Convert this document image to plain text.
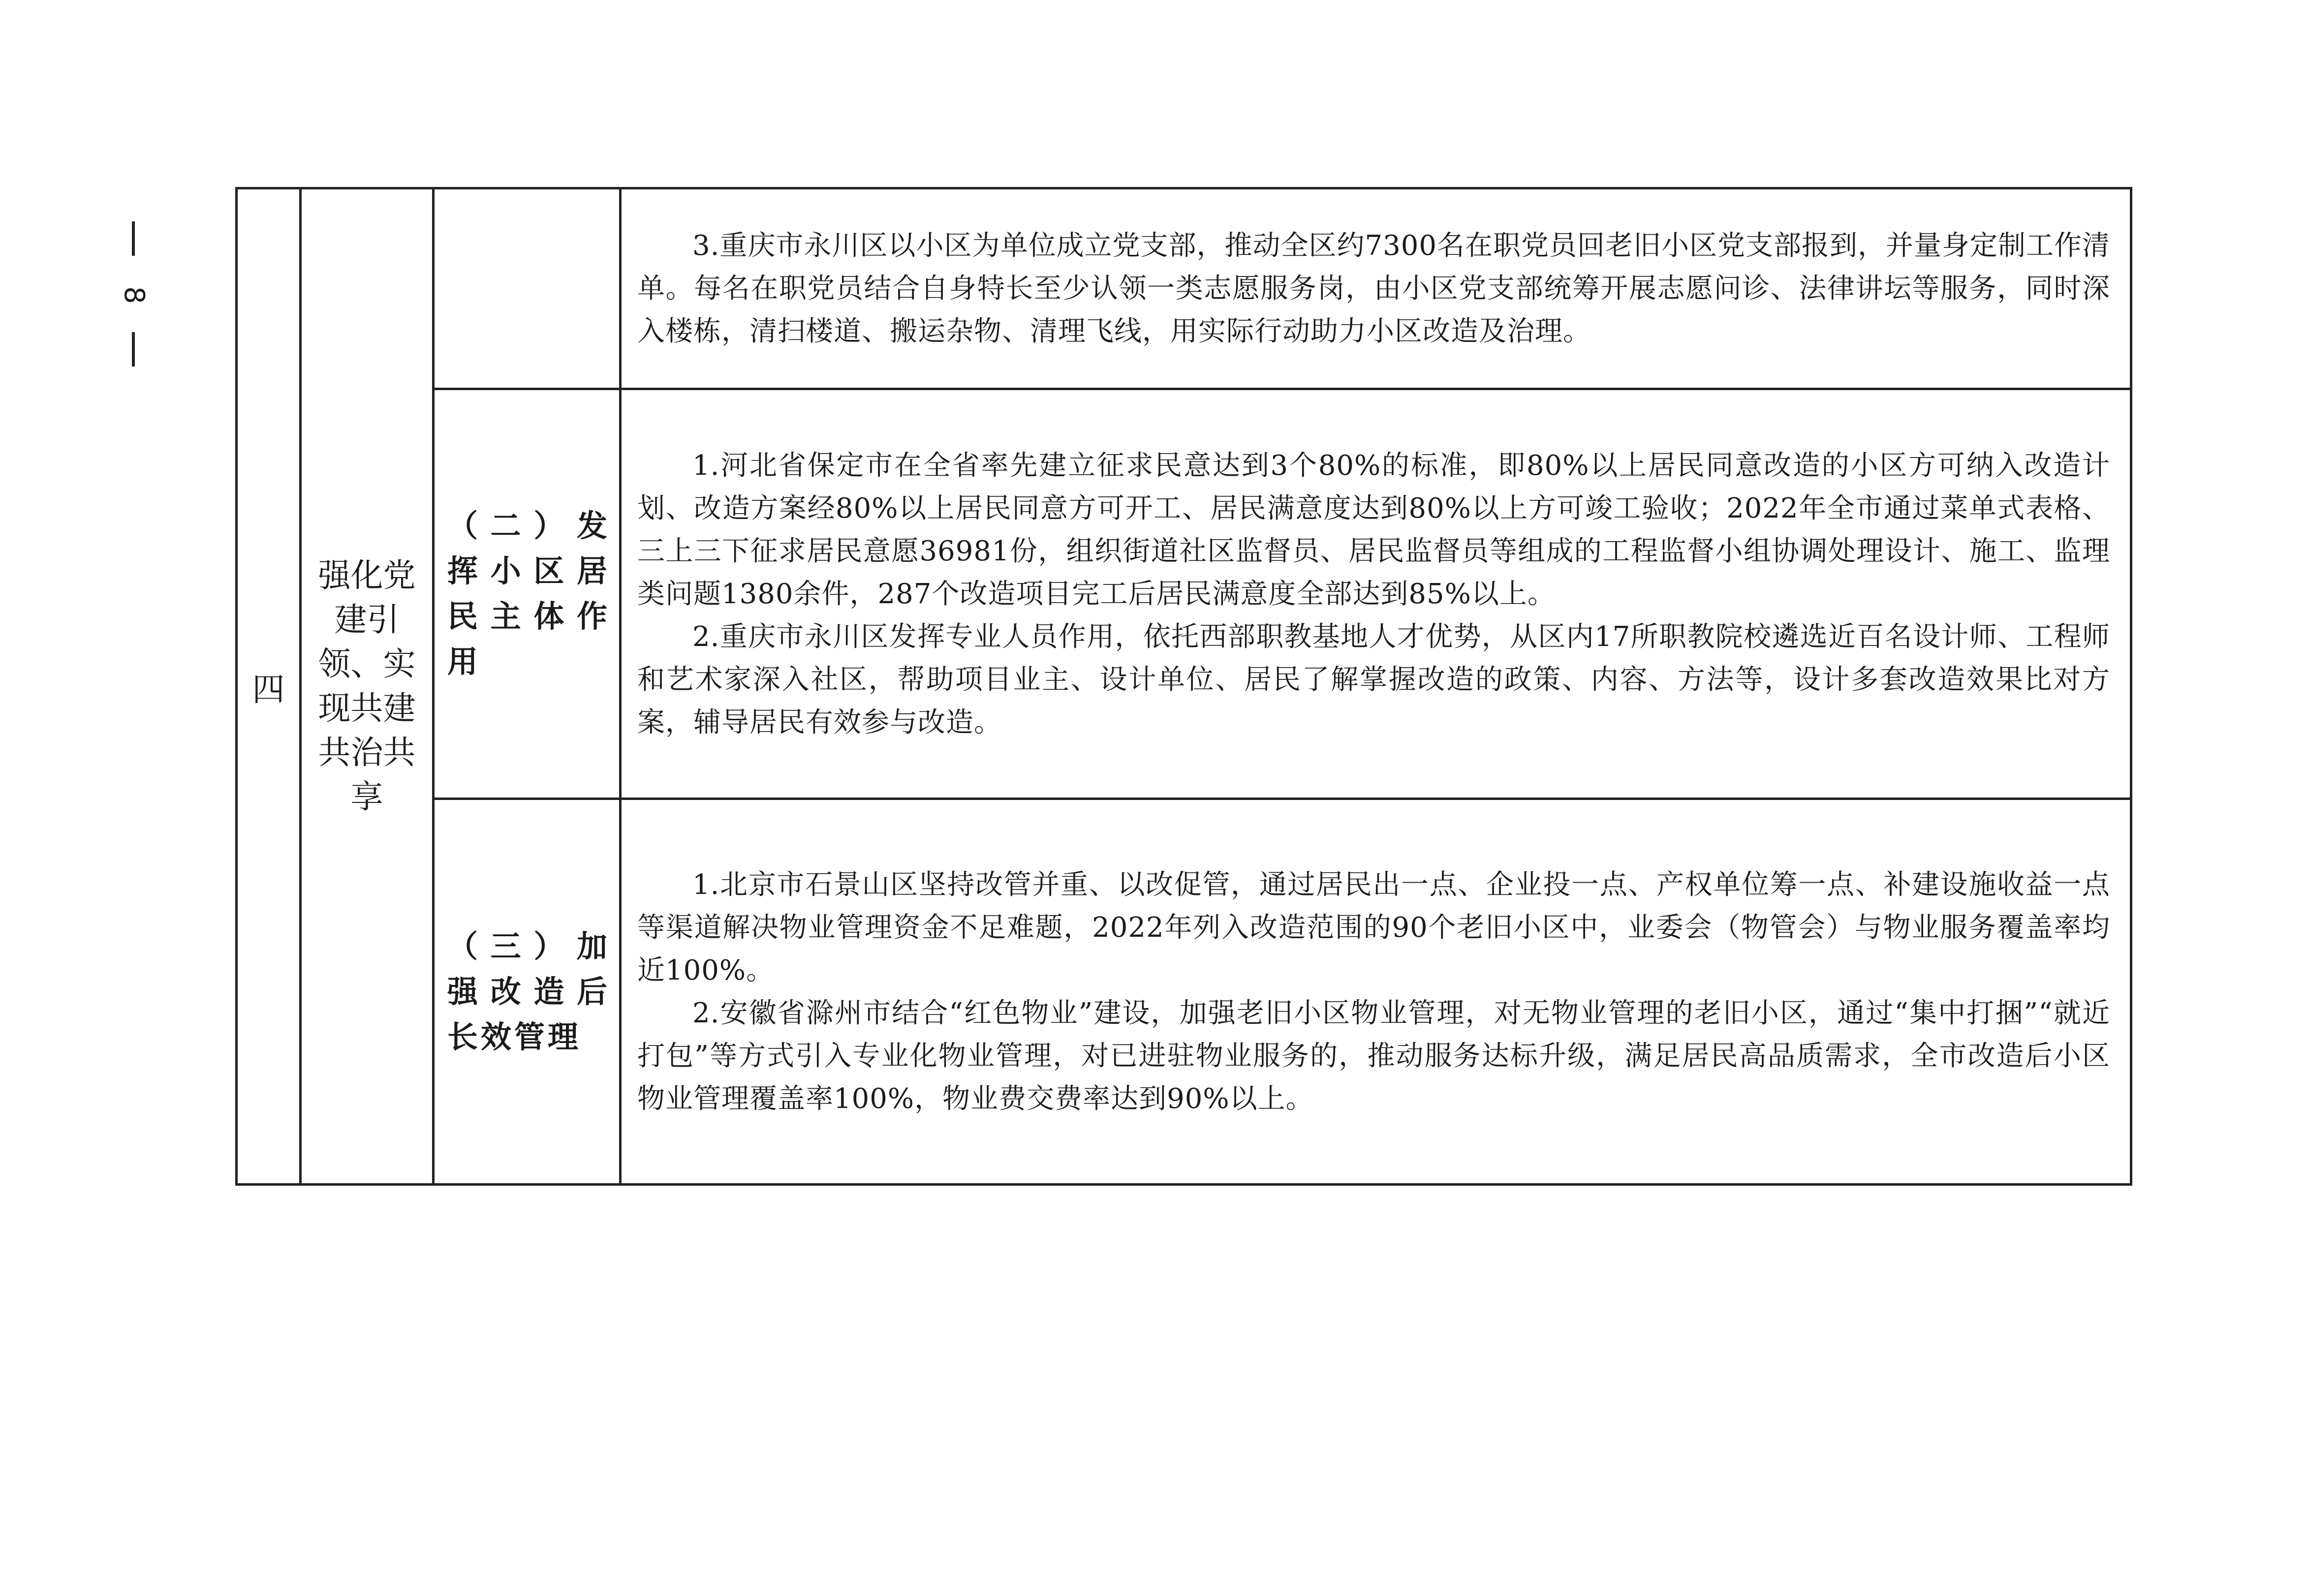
8
四	强化党建引领、实现共建共治共享		3.重庆市永川区以小区为单位成立党支部，推动全区约7300名在职党员回老旧小区党支部报到，并量身定制工作清单。每名在职党员结合自身特长至少认领一类志愿服务岗，由小区党支部统筹开展志愿问诊、法律讲坛等服务，同时深入楼栋，清扫楼道、搬运杂物、清理飞线，用实际行动助力小区改造及治理。

		（二）发挥小区居民主体作用	1.河北省保定市在全省率先建立征求民意达到3个80%的标准，即80%以上居民同意改造的小区方可纳入改造计划、改造方案经80%以上居民同意方可开工、居民满意度达到80%以上方可竣工验收；2022年全市通过菜单式表格、三上三下征求居民意愿36981份，组织街道社区监督员、居民监督员等组成的工程监督小组协调处理设计、施工、监理类问题1380余件，287个改造项目完工后居民满意度全部达到85%以上。

2.重庆市永川区发挥专业人员作用，依托西部职教基地人才优势，从区内17所职教院校遴选近百名设计师、工程师和艺术家深入社区，帮助项目业主、设计单位、居民了解掌握改造的政策、内容、方法等，设计多套改造效果比对方案，辅导居民有效参与改造。

		（三）加强改造后长效管理	1.北京市石景山区坚持改管并重、以改促管，通过居民出一点、企业投一点、产权单位筹一点、补建设施收益一点等渠道解决物业管理资金不足难题，2022年列入改造范围的90个老旧小区中，业委会（物管会）与物业服务覆盖率均近100%。

2.安徽省滁州市结合“红色物业”建设，加强老旧小区物业管理，对无物业管理的老旧小区，通过“集中打捆”“就近打包”等方式引入专业化物业管理，对已进驻物业服务的，推动服务达标升级，满足居民高品质需求，全市改造后小区物业管理覆盖率100%，物业费交费率达到90%以上。
